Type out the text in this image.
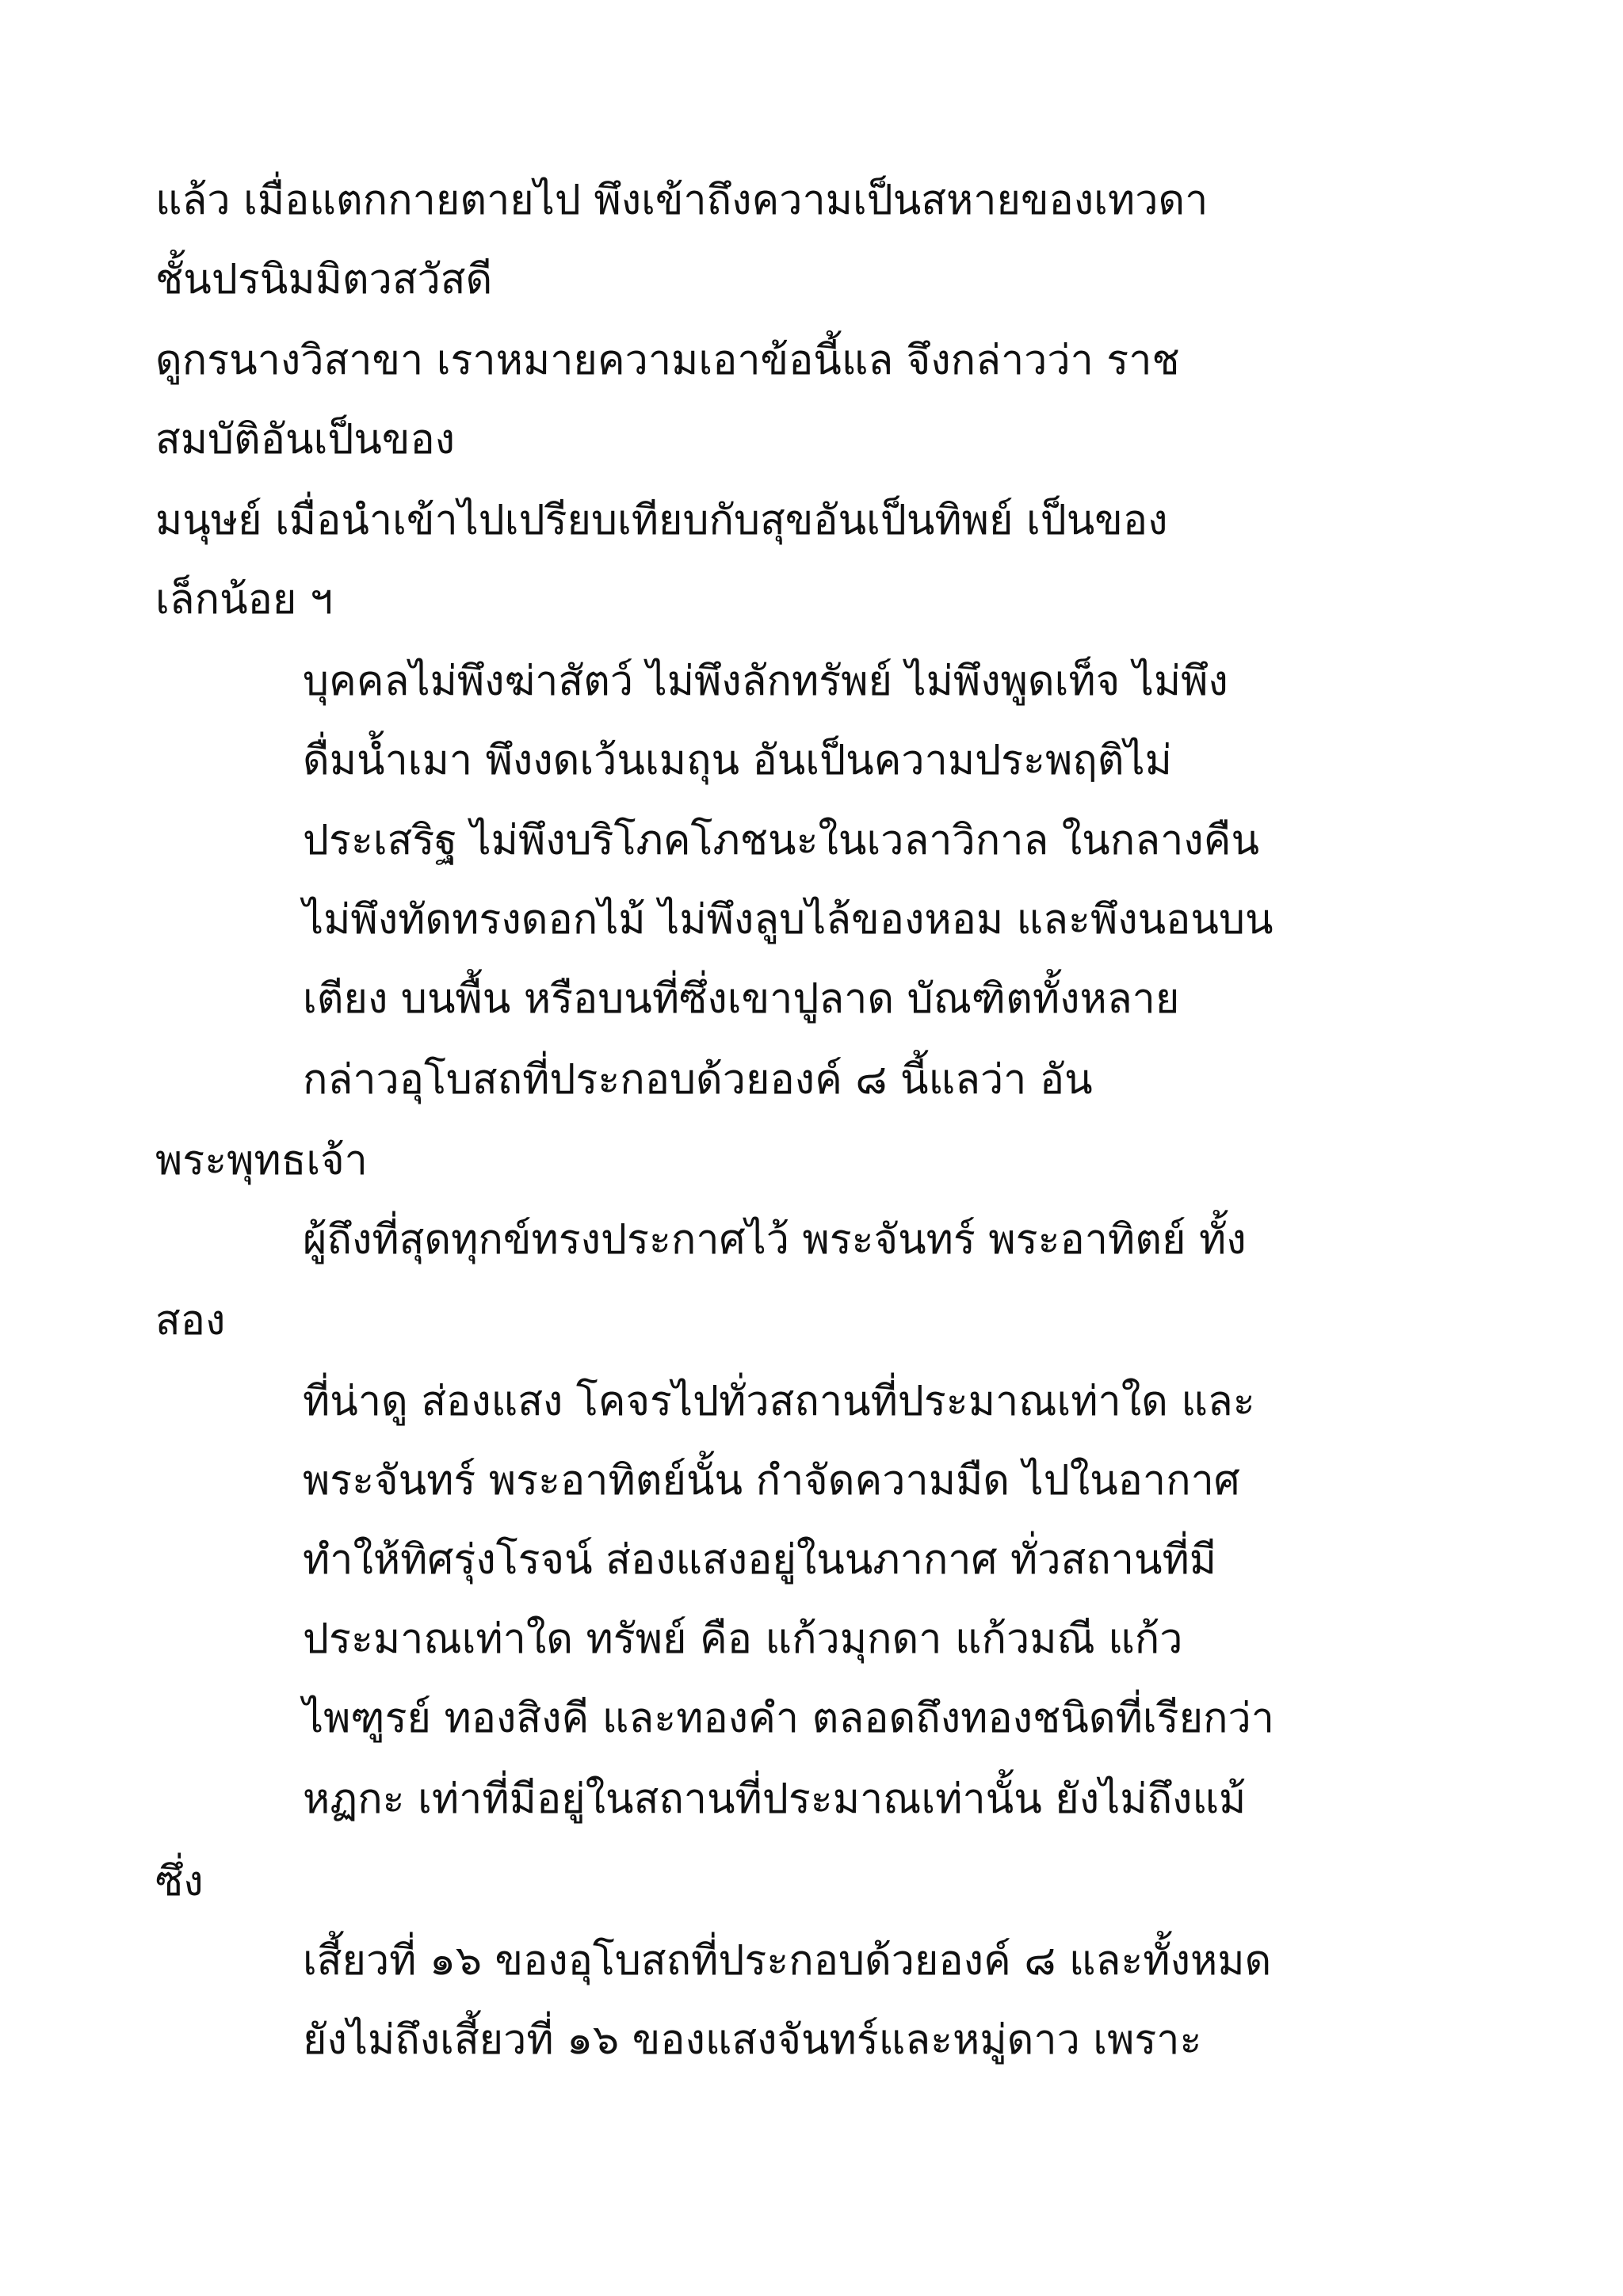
แล้ว เมื่อแตกกายตายไป พึงเข้าถึงความเป็นสหายของเทวดา
ชั้นปรนิมมิตวสวัสดี
ดูกรนางวิสาขา เราหมายความเอาข้อนี้แล จึงกล่าวว่า ราช
สมบัติอันเป็นของ
มนุษย์ เมื่อนำเข้าไปเปรียบเทียบกับสุขอันเป็นทิพย์ เป็นของ
เล็กน้อย ฯ
บุคคลไม่พึงฆ่าสัตว์ ไม่พึงลักทรัพย์ ไม่พึงพูดเท็จ ไม่พึง
ดื่มน้ำเมา พึงงดเว้นเมถุน อันเป็นความประพฤติไม่
ประเสริฐ ไม่พึงบริโภคโภชนะในเวลาวิกาล ในกลางคืน
ไม่พึงทัดทรงดอกไม้ ไม่พึงลูบไล้ของหอม และพึงนอนบน
เตียง บนพื้น หรือบนที่ซึ่งเขาปูลาด บัณฑิตทั้งหลาย
กล่าวอุโบสถที่ประกอบด้วยองค์ ๘ นี้แลว่า อัน
พระพุทธเจ้า
ผู้ถึงที่สุดทุกข์ทรงประกาศไว้ พระจันทร์ พระอาทิตย์ ทั้ง
สอง
ที่น่าดู ส่องแสง โคจรไปทั่วสถานที่ประมาณเท่าใด และ
พระจันทร์ พระอาทิตย์นั้น กำจัดความมืด ไปในอากาศ
ทำให้ทิศรุ่งโรจน์ ส่องแสงอยู่ในนภากาศ ทั่วสถานที่มี
ประมาณเท่าใด ทรัพย์ คือ แก้วมุกดา แก้วมณี แก้ว
ไพฑูรย์ ทองสิงคี และทองคำ ตลอดถึงทองชนิดที่เรียกว่า
หฏกะ เท่าที่มีอยู่ในสถานที่ประมาณเท่านั้น ยังไม่ถึงแม้
ซึ่ง
เสี้ยวที่ ๑๖ ของอุโบสถที่ประกอบด้วยองค์ ๘ และทั้งหมด
ยังไม่ถึงเสี้ยวที่ ๑๖ ของแสงจันทร์และหมู่ดาว เพราะ
